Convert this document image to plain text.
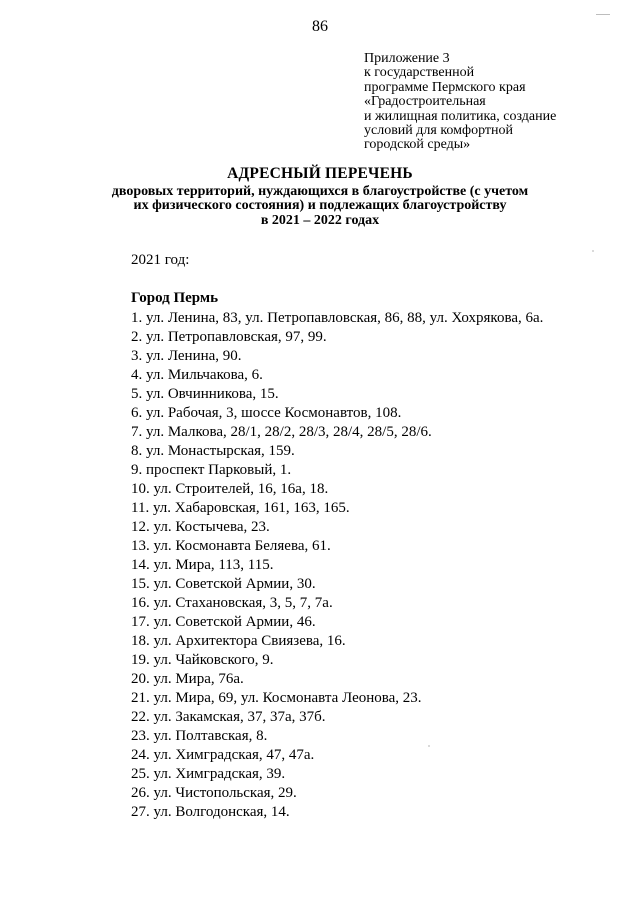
86
Приложение 3
к государственной
программе Пермского края
«Градостроительная
и жилищная политика, создание
условий для комфортной
городской среды»
АДРЕСНЫЙ ПЕРЕЧЕНЬ
дворовых территорий, нуждающихся в благоустройстве (с учетом
их физического состояния) и подлежащих благоустройству
в 2021 – 2022 годах
2021 год:
Город Пермь
1. ул. Ленина, 83, ул. Петропавловская, 86, 88, ул. Хохрякова, 6а.
2. ул. Петропавловская, 97, 99.
3. ул. Ленина, 90.
4. ул. Мильчакова, 6.
5. ул. Овчинникова, 15.
6. ул. Рабочая, 3, шоссе Космонавтов, 108.
7. ул. Малкова, 28/1, 28/2, 28/3, 28/4, 28/5, 28/6.
8. ул. Монастырская, 159.
9. проспект Парковый, 1.
10. ул. Строителей, 16, 16а, 18.
11. ул. Хабаровская, 161, 163, 165.
12. ул. Костычева, 23.
13. ул. Космонавта Беляева, 61.
14. ул. Мира, 113, 115.
15. ул. Советской Армии, 30.
16. ул. Стахановская, 3, 5, 7, 7а.
17. ул. Советской Армии, 46.
18. ул. Архитектора Свиязева, 16.
19. ул. Чайковского, 9.
20. ул. Мира, 76а.
21. ул. Мира, 69, ул. Космонавта Леонова, 23.
22. ул. Закамская, 37, 37а, 37б.
23. ул. Полтавская, 8.
24. ул. Химградская, 47, 47а.
25. ул. Химградская, 39.
26. ул. Чистопольская, 29.
27. ул. Волгодонская, 14.
